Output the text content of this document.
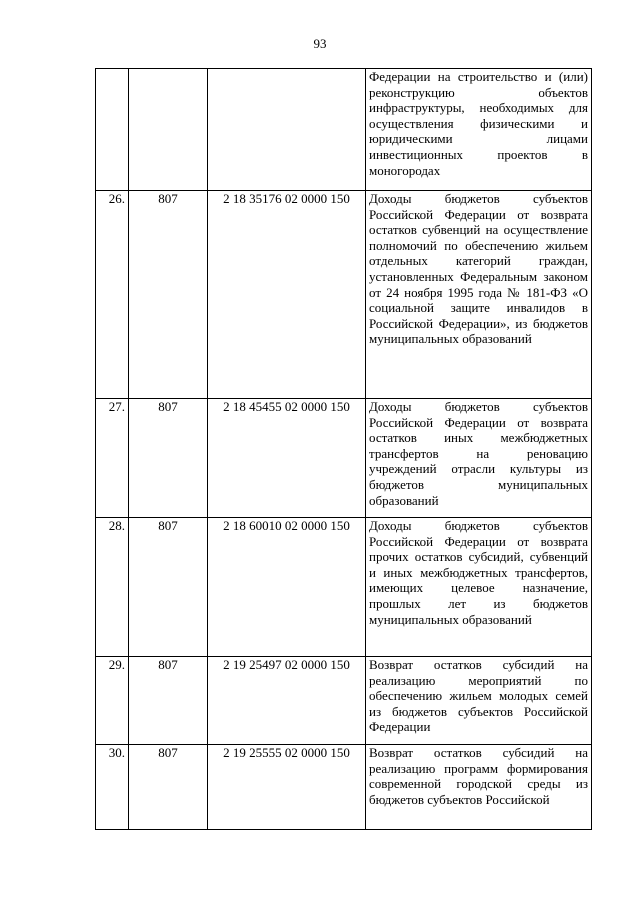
93
			Федерации на строительство и (или) реконструкцию объектов инфраструктуры, необходимых для осуществления физическими и юридическими лицами инвестиционных проектов в моногородах
26.	807	2 18 35176 02 0000 150	Доходы бюджетов субъектов Российской Федерации от возврата остатков субвенций на осуществление полномочий по обеспечению жильем отдельных категорий граждан, установленных Федеральным законом от 24 ноября 1995 года № 181-ФЗ «О социальной защите инвалидов в Российской Федерации», из бюджетов муниципальных образований
27.	807	2 18 45455 02 0000 150	Доходы бюджетов субъектов Российской Федерации от возврата остатков иных межбюджетных трансфертов на реновацию учреждений отрасли культуры из бюджетов муниципальных образований
28.	807	2 18 60010 02 0000 150	Доходы бюджетов субъектов Российской Федерации от возврата прочих остатков субсидий, субвенций и иных межбюджетных трансфертов, имеющих целевое назначение, прошлых лет из бюджетов муниципальных образований
29.	807	2 19 25497 02 0000 150	Возврат остатков субсидий на реализацию мероприятий по обеспечению жильем молодых семей из бюджетов субъектов Российской Федерации
30.	807	2 19 25555 02 0000 150	Возврат остатков субсидий на реализацию программ формирования современной городской среды из бюджетов субъектов Российской
